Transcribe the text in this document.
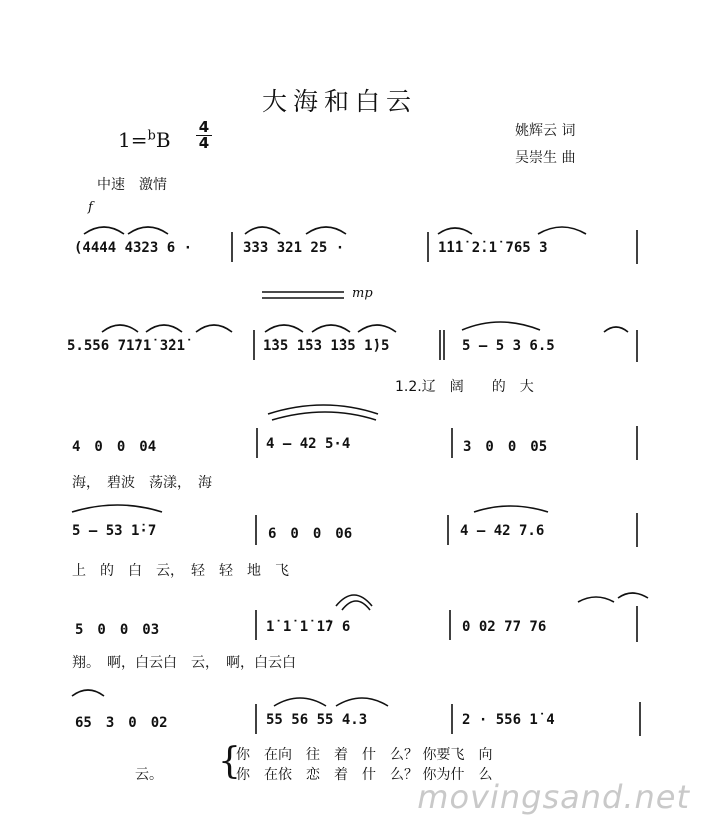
大海和白云
1=$^b$B
4
4
姚辉云 词
吴崇生 曲
中速　激情
f
(4444 4323 6 ·	333 321 25 ·	1̇1̇1̇ 2̇.1̇ 765 3
mp
5.556 71̇71̇ 3̇21̇	1̇35 1̇53 1̇35 1̇)5	5 — 5 3 6.5
1.2.辽　阔　　的　大
4　0　0　04	4 — 42 5·4	3　0　0　05
海，　碧波　荡漾，　海
5 — 53 1̇·7	6　0　0　06	4 — 42 7.6
上　的　白　云，　轻　轻　地　飞
5　0　0　03	1̇ 1̇ 1̇ 1̇7 6	0 02 77 76
翔。　啊，白云白　云，　啊，白云白
65　3　0　02	55 56 55 4.3	2 · 556 1̇ 4
你　在向　往　着　什　么？ 你要飞　向
你　在依　恋　着　什　么？ 你为什　么
云。 {
movingsand.net
